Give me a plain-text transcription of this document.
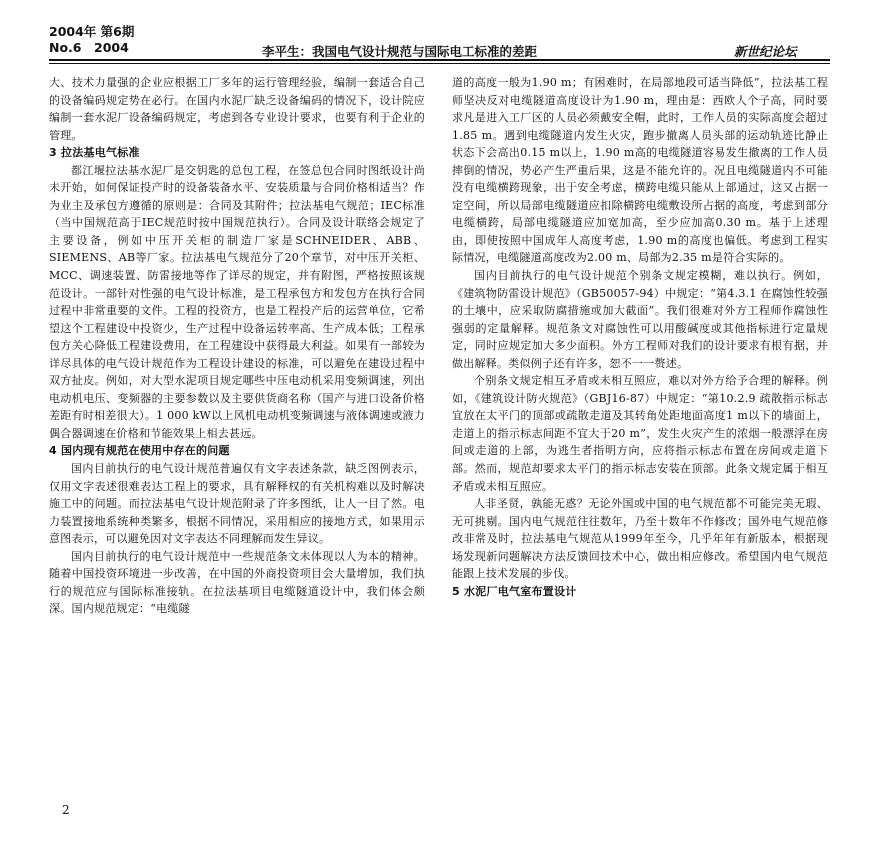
2004年 第6期
No.6　2004	李平生：我国电气设计规范与国际电工标准的差距	新世纪论坛

大、技术力量强的企业应根据工厂多年的运行管理经验，编制一套适合自己的设备编码规定势在必行。在国内水泥厂缺乏设备编码的情况下，设计院应编制一套水泥厂设备编码规定，考虑到各专业设计要求，也要有利于企业的管理。

3 拉法基电气标准

都江堰拉法基水泥厂是交钥匙的总包工程，在签总包合同时图纸设计尚未开始，如何保证投产时的设备装备水平、安装质量与合同价格相适当？作为业主及承包方遵循的原则是：合同及其附件；拉法基电气规范；IEC标准（当中国规范高于IEC规范时按中国规范执行）。合同及设计联络会规定了主要设备，例如中压开关柜的制造厂家是SCHNEIDER、ABB、SIEMENS、AB等厂家。拉法基电气规范分了20个章节，对中压开关柜、MCC、调速装置、防雷接地等作了详尽的规定，并有附图，严格按照该规范设计。一部针对性强的电气设计标准，是工程承包方和发包方在执行合同过程中非常重要的文件。工程的投资方，也是工程投产后的运营单位，它希望这个工程建设中投资少，生产过程中设备运转率高、生产成本低；工程承包方关心降低工程建设费用，在工程建设中获得最大利益。如果有一部较为详尽具体的电气设计规范作为工程设计建设的标准，可以避免在建设过程中双方扯皮。例如，对大型水泥项目规定哪些中压电动机采用变频调速，列出电动机电压、变频器的主要参数以及主要供货商名称（国产与进口设备价格差距有时相差很大）。1 000 kW以上风机电动机变频调速与液体调速或液力偶合器调速在价格和节能效果上相去甚远。

4 国内现有规范在使用中存在的问题

国内目前执行的电气设计规范普遍仅有文字表述条款，缺乏图例表示，仅用文字表述很难表达工程上的要求，具有解释权的有关机构难以及时解决施工中的问题。而拉法基电气设计规范附录了许多图纸，让人一目了然。电力装置接地系统种类繁多，根据不同情况，采用相应的接地方式，如果用示意图表示，可以避免因对文字表达不同理解而发生异议。

国内目前执行的电气设计规范中一些规范条文未体现以人为本的精神。随着中国投资环境进一步改善，在中国的外商投资项目会大量增加，我们执行的规范应与国际标准接轨。在拉法基项目电缆隧道设计中，我们体会颇深。国内规范规定：“电缆隧

道的高度一般为1.90 m；有困难时，在局部地段可适当降低”，拉法基工程师坚决反对电缆隧道高度设计为1.90 m，理由是：西欧人个子高，同时要求凡是进入工厂区的人员必须戴安全帽，此时，工作人员的实际高度会超过1.85 m。遇到电缆隧道内发生火灾，跑步撤离人员头部的运动轨迹比静止状态下会高出0.15 m以上，1.90 m高的电缆隧道容易发生撤离的工作人员摔倒的情况，势必产生严重后果，这是不能允许的。况且电缆隧道内不可能没有电缆横跨现象，出于安全考虑，横跨电缆只能从上部通过，这又占据一定空间，所以局部电缆隧道应扣除横跨电缆敷设所占据的高度，考虑到部分电缆横跨，局部电缆隧道应加宽加高，至少应加高0.30 m。基于上述理由，即使按照中国成年人高度考虑，1.90 m的高度也偏低。考虑到工程实际情况，电缆隧道高度改为2.00 m、局部为2.35 m是符合实际的。

国内目前执行的电气设计规范个别条文规定模糊，难以执行。例如，《建筑物防雷设计规范》（GB50057-94）中规定：“第4.3.1 在腐蚀性较强的土壤中，应采取防腐措施或加大截面”。我们很难对外方工程师作腐蚀性强弱的定量解释。规范条文对腐蚀性可以用酸碱度或其他指标进行定量规定，同时应规定加大多少面积。外方工程师对我们的设计要求有根有据，并做出解释。类似例子还有许多，恕不一一赘述。

个别条文规定相互矛盾或未相互照应，难以对外方给予合理的解释。例如，《建筑设计防火规范》（GBJ16-87）中规定：“第10.2.9 疏散指示标志宜放在太平门的顶部或疏散走道及其转角处距地面高度1 m以下的墙面上，走道上的指示标志间距不宜大于20 m”，发生火灾产生的浓烟一般漂浮在房间或走道的上部，为逃生者指明方向，应将指示标志布置在房间或走道下部。然而，规范却要求太平门的指示标志安装在顶部。此条文规定属于相互矛盾或未相互照应。

人非圣贤，孰能无惑？无论外国或中国的电气规范都不可能完美无瑕、无可挑剔。国内电气规范往往数年，乃至十数年不作修改；国外电气规范修改非常及时，拉法基电气规范从1999年至今，几乎年年有新版本，根据现场发现新问题解决方法反馈回技术中心，做出相应修改。希望国内电气规范能跟上技术发展的步伐。

5 水泥厂电气室布置设计
2
